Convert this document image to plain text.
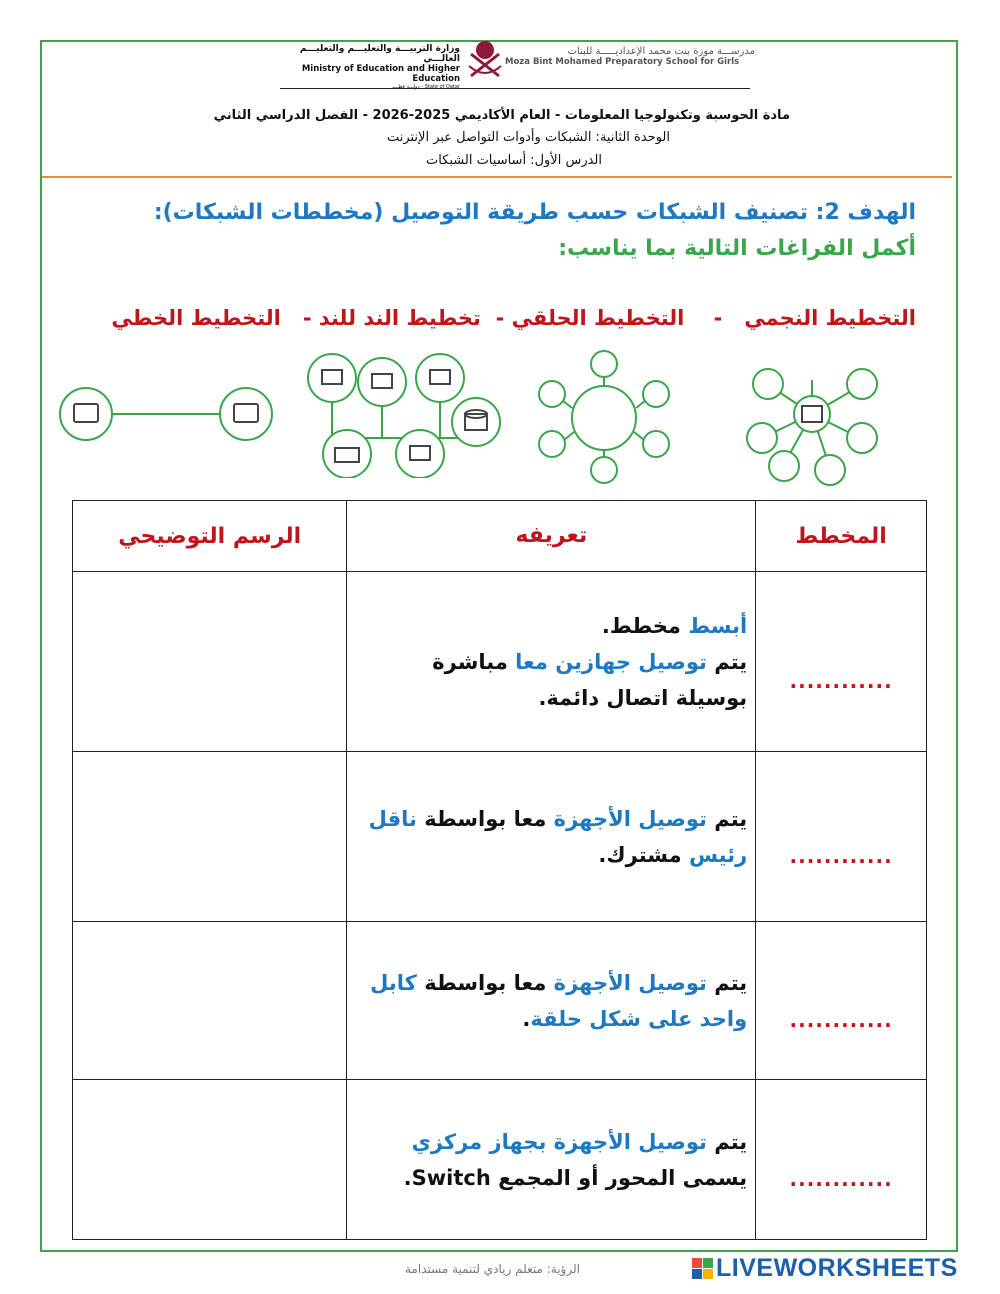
وزارة التربيـــة والتعليـــم والتعليـــم العالـــي
Ministry of Education and Higher Education
State of Qatar - دولـــة قطـــر
مدرســـة موزة بنت محمد الإعداديـــــة للبنات
Moza Bint Mohamed Preparatory School for Girls
مادة الحوسبة وتكنولوجيا المعلومات - العام الأكاديمي 2025-2026 - الفصل الدراسي الثاني
الوحدة الثانية: الشبكات وأدوات التواصل عبر الإنترنت
الدرس الأول: أساسيات الشبكات
الهدف 2: تصنيف الشبكات حسب طريقة التوصيل (مخططات الشبكات):
أكمل الفراغات التالية بما يناسب:
التخطيط النجمي   -    التخطيط الحلقي -  تخطيط الند للند -   التخطيط الخطي
المخطط	تعريفه	الرسم التوضيحي
............	أبسط مخطط.
يتم توصيل جهازين معا مباشرة بوسيلة اتصال دائمة.	
............	يتم توصيل الأجهزة معا بواسطة ناقل رئيس مشترك.	
............	يتم توصيل الأجهزة معا بواسطة كابل واحد على شكل حلقة.	
............	يتم توصيل الأجهزة بجهاز مركزي
يسمى المحور أو المجمع Switch.	
الرؤية: متعلم ريادي لتنمية مستدامة	LIVEWORKSHEETS
